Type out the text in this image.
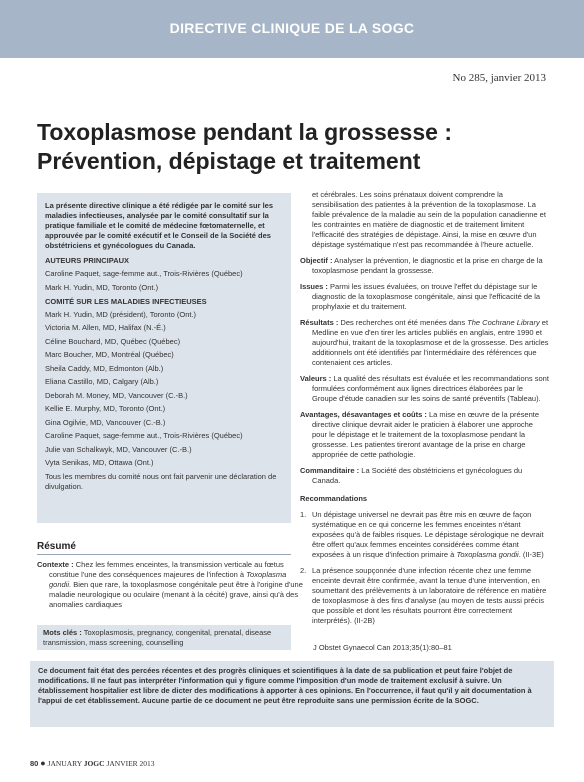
DIRECTIVE CLINIQUE DE LA SOGC
No 285, janvier 2013
Toxoplasmose pendant la grossesse :
Prévention, dépistage et traitement
La présente directive clinique a été rédigée par le comité sur les maladies infectieuses, analysée par le comité consultatif sur la pratique familiale et le comité de médecine fœtomaternelle, et approuvée par le comité exécutif et le Conseil de la Société des obstétriciens et gynécologues du Canada.
AUTEURS PRINCIPAUX
Caroline Paquet, sage-femme aut., Trois-Rivières (Québec)
Mark H. Yudin, MD, Toronto (Ont.)
COMITÉ SUR LES MALADIES INFECTIEUSES
Mark H. Yudin, MD (président), Toronto (Ont.)
Victoria M. Allen, MD, Halifax (N.-É.)
Céline Bouchard, MD, Québec (Québec)
Marc Boucher, MD, Montréal (Québec)
Sheila Caddy, MD, Edmonton (Alb.)
Eliana Castillo, MD, Calgary (Alb.)
Deborah M. Money, MD, Vancouver (C.-B.)
Kellie E. Murphy, MD, Toronto (Ont.)
Gina Ogilvie, MD, Vancouver (C.-B.)
Caroline Paquet, sage-femme aut., Trois-Rivières (Québec)
Julie van Schalkwyk, MD, Vancouver (C.-B.)
Vyta Senikas, MD, Ottawa (Ont.)
Tous les membres du comité nous ont fait parvenir une déclaration de divulgation.
Résumé
Contexte : Chez les femmes enceintes, la transmission verticale au fœtus constitue l'une des conséquences majeures de l'infection à Toxoplasma gondii. Bien que rare, la toxoplasmose congénitale peut être à l'origine d'une maladie neurologique ou oculaire (menant à la cécité) grave, ainsi qu'à des anomalies cardiaques
Mots clés : Toxoplasmosis, pregnancy, congenital, prenatal, disease transmission, mass screening, counselling
et cérébrales. Les soins prénataux doivent comprendre la sensibilisation des patientes à la prévention de la toxoplasmose. La faible prévalence de la maladie au sein de la population canadienne et les contraintes en matière de diagnostic et de traitement limitent l'efficacité des stratégies de dépistage. Ainsi, la mise en œuvre d'un dépistage systématique n'est pas recommandée à l'heure actuelle.
Objectif : Analyser la prévention, le diagnostic et la prise en charge de la toxoplasmose pendant la grossesse.
Issues : Parmi les issues évaluées, on trouve l'effet du dépistage sur le diagnostic de la toxoplasmose congénitale, ainsi que l'efficacité de la prophylaxie et du traitement.
Résultats : Des recherches ont été menées dans The Cochrane Library et Medline en vue d'en tirer les articles publiés en anglais, entre 1990 et aujourd'hui, traitant de la toxoplasmose et de la grossesse. Des articles additionnels ont été identifiés par l'intermédiaire des références que contenaient ces articles.
Valeurs : La qualité des résultats est évaluée et les recommandations sont formulées conformément aux lignes directrices élaborées par le Groupe d'étude canadien sur les soins de santé préventifs (Tableau).
Avantages, désavantages et coûts : La mise en œuvre de la présente directive clinique devrait aider le praticien à élaborer une approche pour le dépistage et le traitement de la toxoplasmose pendant la grossesse. Les patientes tireront avantage de la prise en charge appropriée de cette pathologie.
Commanditaire : La Société des obstétriciens et gynécologues du Canada.
Recommandations
1. Un dépistage universel ne devrait pas être mis en œuvre de façon systématique en ce qui concerne les femmes enceintes n'étant exposées qu'à de faibles risques. Le dépistage sérologique ne devrait être offert qu'aux femmes enceintes considérées comme étant exposées à un risque d'infection primaire à Toxoplasma gondii. (II-3E)
2. La présence soupçonnée d'une infection récente chez une femme enceinte devrait être confirmée, avant la tenue d'une intervention, en soumettant des prélèvements à un laboratoire de référence en matière de toxoplasmose à des fins d'analyse (au moyen de tests aussi précis que possible et dont les résultats pourront être correctement interprétés). (II-2B)
J Obstet Gynaecol Can 2013;35(1):80–81
Ce document fait état des percées récentes et des progrès cliniques et scientifiques à la date de sa publication et peut faire l'objet de modifications. Il ne faut pas interpréter l'information qui y figure comme l'imposition d'un mode de traitement exclusif à suivre. Un établissement hospitalier est libre de dicter des modifications à apporter à ces opinions. En l'occurrence, il faut qu'il y ait documentation à l'appui de cet établissement. Aucune partie de ce document ne peut être reproduite sans une permission écrite de la SOGC.
80 ● JANUARY JOGC JANVIER 2013
